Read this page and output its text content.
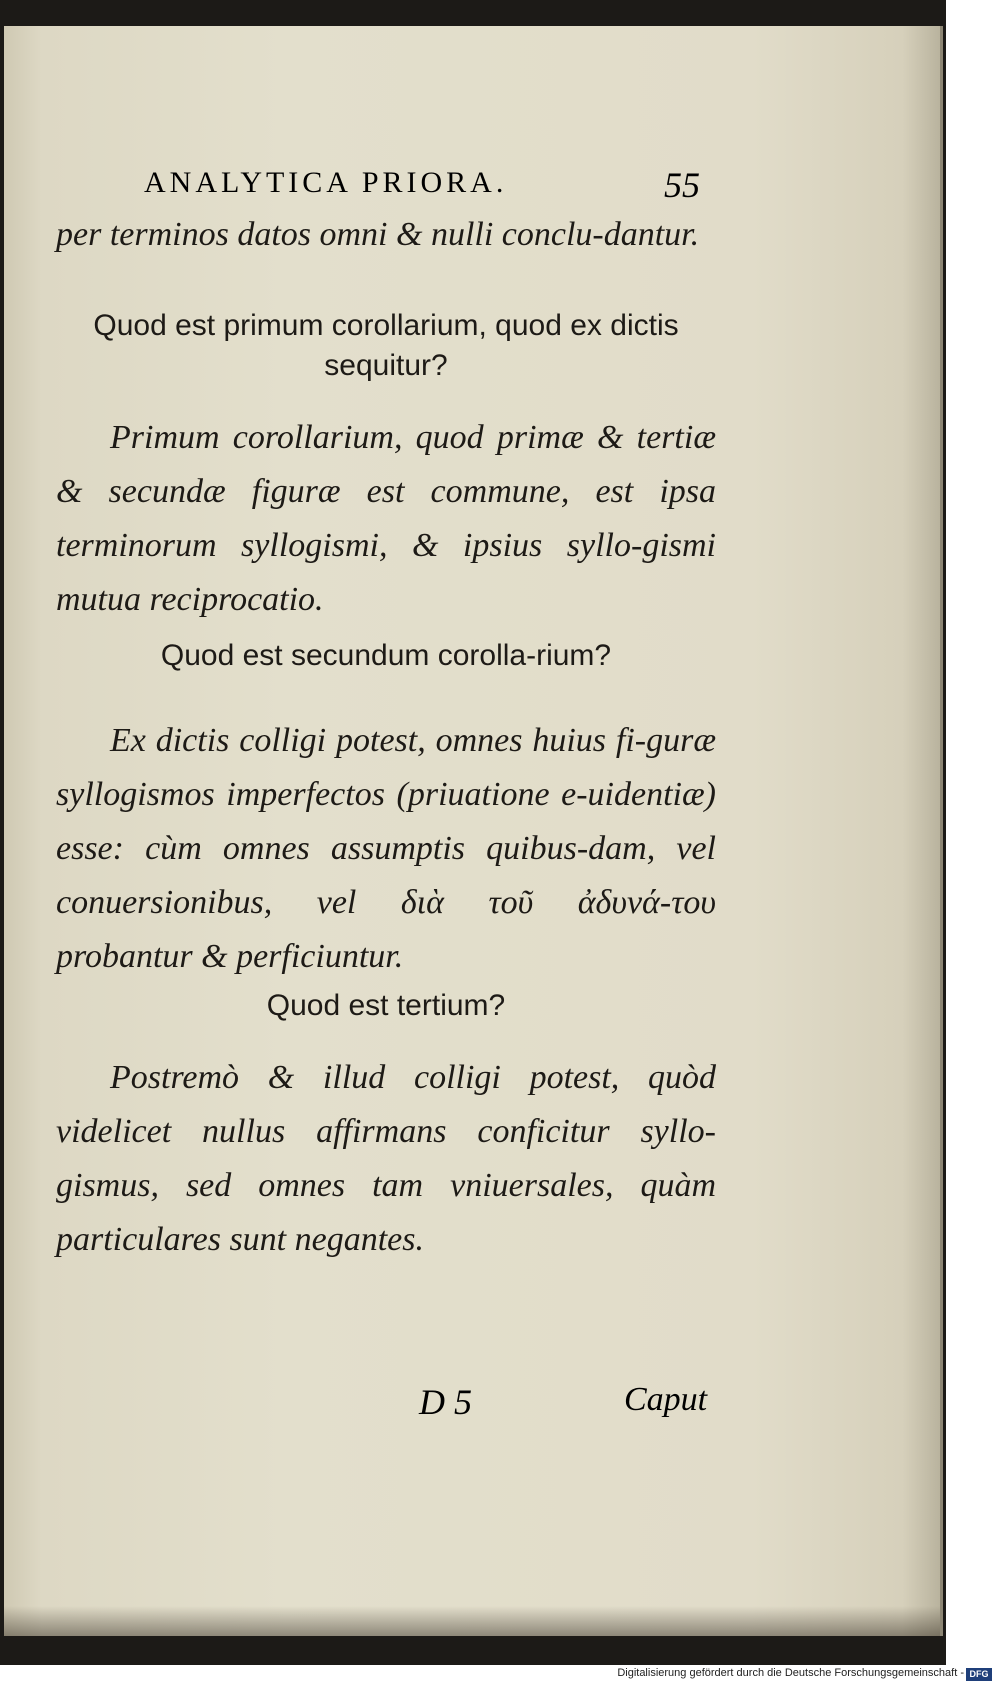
ANALYTICA PRIORA.	55

per terminos datos omni & nulli conclu-dantur.

Quod est primum corollarium, quod ex dictis sequitur?

Primum corollarium, quod primæ & tertiæ & secundæ figuræ est commune, est ipsa terminorum syllogismi, & ipsius syllo-gismi mutua reciprocatio.

Quod est secundum corolla-rium?

Ex dictis colligi potest, omnes huius fi-guræ syllogismos imperfectos (priuatione e-uidentiæ) esse: cùm omnes assumptis quibus-dam, vel conuersionibus, vel διὰ τοῦ ἀδυνά-του probantur & perficiuntur.

Quod est tertium?

Postremò & illud colligi potest, quòd videlicet nullus affirmans conficitur syllo-gismus, sed omnes tam vniuersales, quàm particulares sunt negantes.

D 5	Caput
Digitalisierung gefördert durch die Deutsche Forschungsgemeinschaft - DFG
